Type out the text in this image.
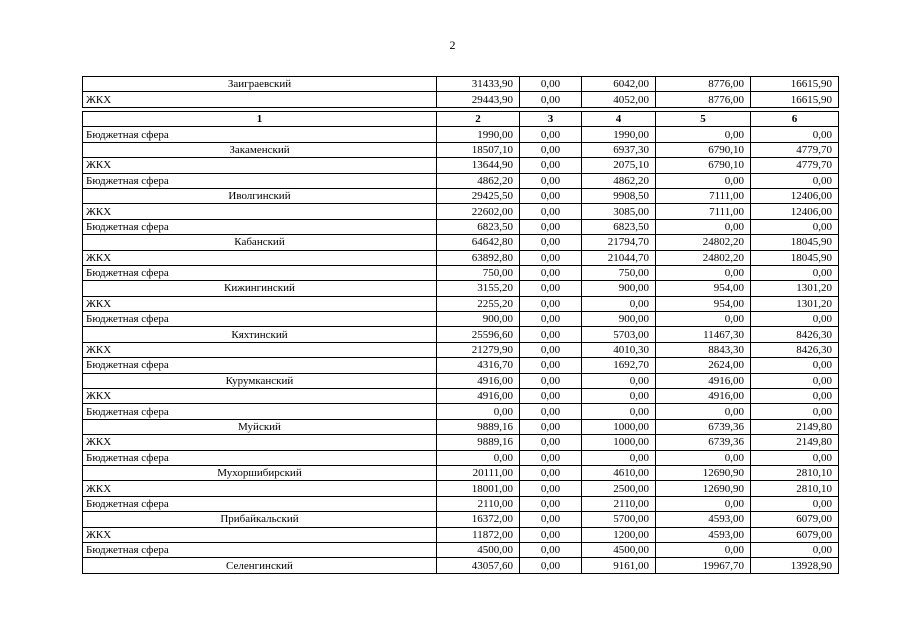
2
Заиграевский	31433,90	0,00	6042,00	8776,00	16615,90
ЖКХ	29443,90	0,00	4052,00	8776,00	16615,90
1	2	3	4	5	6
Бюджетная сфера	1990,00	0,00	1990,00	0,00	0,00
Закаменский	18507,10	0,00	6937,30	6790,10	4779,70
ЖКХ	13644,90	0,00	2075,10	6790,10	4779,70
Бюджетная сфера	4862,20	0,00	4862,20	0,00	0,00
Иволгинский	29425,50	0,00	9908,50	7111,00	12406,00
ЖКХ	22602,00	0,00	3085,00	7111,00	12406,00
Бюджетная сфера	6823,50	0,00	6823,50	0,00	0,00
Кабанский	64642,80	0,00	21794,70	24802,20	18045,90
ЖКХ	63892,80	0,00	21044,70	24802,20	18045,90
Бюджетная сфера	750,00	0,00	750,00	0,00	0,00
Кижингинский	3155,20	0,00	900,00	954,00	1301,20
ЖКХ	2255,20	0,00	0,00	954,00	1301,20
Бюджетная сфера	900,00	0,00	900,00	0,00	0,00
Кяхтинский	25596,60	0,00	5703,00	11467,30	8426,30
ЖКХ	21279,90	0,00	4010,30	8843,30	8426,30
Бюджетная сфера	4316,70	0,00	1692,70	2624,00	0,00
Курумканский	4916,00	0,00	0,00	4916,00	0,00
ЖКХ	4916,00	0,00	0,00	4916,00	0,00
Бюджетная сфера	0,00	0,00	0,00	0,00	0,00
Муйский	9889,16	0,00	1000,00	6739,36	2149,80
ЖКХ	9889,16	0,00	1000,00	6739,36	2149,80
Бюджетная сфера	0,00	0,00	0,00	0,00	0,00
Мухоршибирский	20111,00	0,00	4610,00	12690,90	2810,10
ЖКХ	18001,00	0,00	2500,00	12690,90	2810,10
Бюджетная сфера	2110,00	0,00	2110,00	0,00	0,00
Прибайкальский	16372,00	0,00	5700,00	4593,00	6079,00
ЖКХ	11872,00	0,00	1200,00	4593,00	6079,00
Бюджетная сфера	4500,00	0,00	4500,00	0,00	0,00
Селенгинский	43057,60	0,00	9161,00	19967,70	13928,90
